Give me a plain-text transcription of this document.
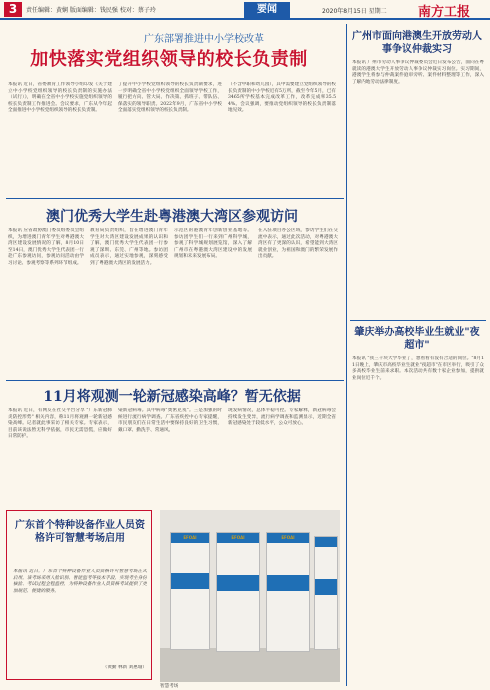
3	责任编辑：黄娴 版面编辑：钱民强 校对：蔡子玲	要闻	2020年8月15日 星期二 南方工报
广东部署推进中小学校改革
加快落实党组织领导的校长负责制
本报讯 近日，省委教育工作领导小组印发《关于建立中小学校党组织领导的校长负责制的实施办法（试行）》，明确在全省中小学校实施党组织领导的校长负责制工作推进会。会议要求，广东从今年起全面推进中小学校党组织领导的校长负责制。
了提升中小学校党组织领导的校长负责制要求，进一步明确全省中小学校党组织全面领导学校工作，履行把方向、管大局、作决策、抓班子、带队伍、保落实的领导职责。2022年9月，广东省中小学校全面落实党组织领导的校长负责制。
（不含中职和幼儿园），其中需要建立党组织领导的校长负责制的中小学校近有5万所，截至今年5月，已有3465所学校基本完成改革工作，改革完成率35.54%。会议强调，要推动党组织领导的校长负责制落地见效。
澳门优秀大学生赴粤港澳大湾区参观访问
本报讯 应省政协澳门委员组委员会组织，为增进澳门青年学生对粤港澳大湾区建设发展情况的了解，8月10日至14日，澳门优秀大学生代表团一行赴广东参观访问，参观访问活动由学习讨论、参观考察等系列环节组成。
教育局负责组织，旨在增进澳门青年学生对大湾区建设发展成果的认识和了解，澳门优秀大学生代表团一行参观了深圳、东莞、广州等地。参访团成员表示，通过实地参观，深刻感受到了粤港澳大湾区的发展活力。
示范区的港澳青年创新创业基地等。参访团学生们一行来到广州科学城，参观了科学城规划展览馆，深入了解广州市在粤港澳大湾区建设中的发展规划和未来发展布局。
在入驻项目办公区域，参访学生们在交流中表示，通过此次活动，对粤港澳大湾区有了更深的认识，希望能到大湾区就业创业，为祖国和澳门的繁荣发展作出贡献。
11月将观测一轮新冠感染高峰？暂无依据
本报讯 近日，有网友在社交平台分享 "广东新冠肺炎防控形势" 相关内容，称11月将观测一轮新冠感染高峰。记者就此事采访了相关专家。专家表示，目前该说法暂无科学依据，市民无需恐慌，应做好日常防护。
染新冠病毒。其中病毒"奥密克戎"。三是加强的时候进行流行病学调查。广东省疾控中心专家提醒，市民朋友们在日常生活中要保持良好的卫生习惯，戴口罩、勤洗手、常通风。
现发病情况，总体平稳可控。专家解释，新冠病毒会持续发生变异，流行病学调查和监测显示，近期全省新冠感染处于较低水平，公众可放心。
广东首个特种设备作业人员资格许可智慧考场启用
本报讯 近日，广东首个特种设备作业人员资格许可智慧考场正式启用。该考场采用人脸识别、智能监考等技术手段，实现考生身份核验、考试过程全程监控，为特种设备作业人员资格考试提供了更加规范、便捷的服务。
（黄勤 林新 刘惠瑜）
EFOAI	EFOAI	EFOAI
智慧考场
广州市面向港澳生开放劳动人事争议仲裁实习
本报讯 广州市劳动人事争议仲裁委员会近日发布公告，面向在粤就读的港澳大学生开放劳动人事争议仲裁实习岗位。实习期间，港澳学生将参与仲裁案件庭审旁听、案件材料整理等工作，深入了解内地劳动法律制度。
肇庆举办高校毕业生就业"夜超市"
本报讯 "我三千块大学毕业了，想看看有没有合适的岗位。"8月11日晚上，肇庆市高校毕业生就业"夜超市"在市区举行，吸引了众多高校毕业生前来求职。本次活动共有数十家企业参加，提供就业岗位近千个。
